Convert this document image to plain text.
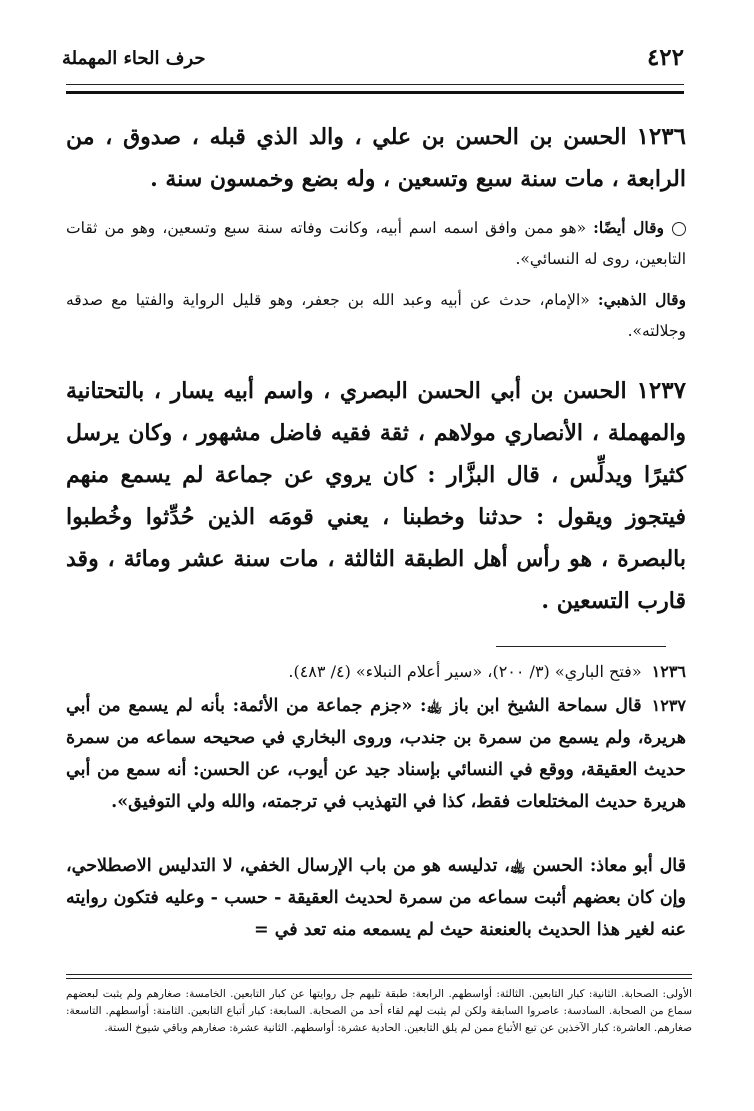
٤٢٢
حرف الحاء المهملة
١٢٣٦الحسن بن الحسن بن علي ، والد الذي قبله ، صدوق ، من الرابعة ، مات سنة سبع وتسعين ، وله بضع وخمسون سنة .
وقال أيضًا: «هو ممن وافق اسمه اسم أبيه، وكانت وفاته سنة سبع وتسعين، وهو من ثقات التابعين، روى له النسائي».
وقال الذهبي: «الإمام، حدث عن أبيه وعبد الله بن جعفر، وهو قليل الرواية والفتيا مع صدقه وجلالته».
١٢٣٧الحسن بن أبي الحسن البصري ، واسم أبيه يسار ، بالتحتانية والمهملة ، الأنصاري مولاهم ، ثقة فقيه فاضل مشهور ، وكان يرسل كثيرًا ويدلِّس ، قال البزَّار : كان يروي عن جماعة لم يسمع منهم فيتجوز ويقول : حدثنا وخطبنا ، يعني قومَه الذين حُدِّثوا وخُطبوا بالبصرة ، هو رأس أهل الطبقة الثالثة ، مات سنة عشر ومائة ، وقد قارب التسعين .
١٢٣٦«فتح الباري» (٣/ ٢٠٠)، «سير أعلام النبلاء» (٤/ ٤٨٣).
١٢٣٧قال سماحة الشيخ ابن باز ﵀: «جزم جماعة من الأئمة: بأنه لم يسمع من أبي هريرة، ولم يسمع من سمرة بن جندب، وروى البخاري في صحيحه سماعه من سمرة حديث العقيقة، ووقع في النسائي بإسناد جيد عن أيوب، عن الحسن: أنه سمع من أبي هريرة حديث المختلعات فقط، كذا في التهذيب في ترجمته، والله ولي التوفيق».
قال أبو معاذ: الحسن ﵀، تدليسه هو من باب الإرسال الخفي، لا التدليس الاصطلاحي، وإن كان بعضهم أثبت سماعه من سمرة لحديث العقيقة - حسب - وعليه فتكون روايته عنه لغير هذا الحديث بالعنعنة حيث لم يسمعه منه تعد في =
الأولى: الصحابة. الثانية: كبار التابعين. الثالثة: أواسطهم. الرابعة: طبقة تليهم جل روايتها عن كبار التابعين. الخامسة: صغارهم ولم يثبت لبعضهم سماع من الصحابة. السادسة: عاصروا السابقة ولكن لم يثبت لهم لقاء أحد من الصحابة. السابعة: كبار أتباع التابعين. الثامنة: أواسطهم. التاسعة: صغارهم. العاشرة: كبار الآخذين عن تبع الأتباع ممن لم يلق التابعين. الحادية عشرة: أواسطهم. الثانية عشرة: صغارهم وباقي شيوخ الستة.
